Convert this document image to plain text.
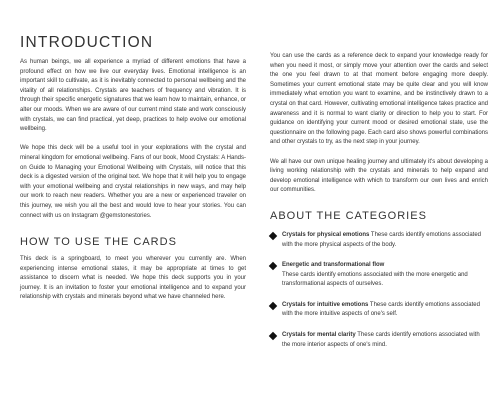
INTRODUCTION

As human beings, we all experience a myriad of different emotions that have a profound effect on how we live our everyday lives. Emotional intelligence is an important skill to cultivate, as it is inevitably connected to personal wellbeing and the vitality of all relationships. Crystals are teachers of frequency and vibration. It is through their specific energetic signatures that we learn how to maintain, enhance, or alter our moods. When we are aware of our current mind state and work consciously with crystals, we can find practical, yet deep, practices to help evolve our emotional wellbeing.

We hope this deck will be a useful tool in your explorations with the crystal and mineral kingdom for emotional wellbeing. Fans of our book, Mood Crystals: A Hands-on Guide to Managing your Emotional Wellbeing with Crystals, will notice that this deck is a digested version of the original text. We hope that it will help you to engage with your emotional wellbeing and crystal relationships in new ways, and may help our work to reach new readers. Whether you are a new or experienced traveler on this journey, we wish you all the best and would love to hear your stories. You can connect with us on Instagram @gemstonestories.

HOW TO USE THE CARDS

This deck is a springboard, to meet you wherever you currently are. When experiencing intense emotional states, it may be appropriate at times to get assistance to discern what is needed. We hope this deck supports you in your journey. It is an invitation to foster your emotional intelligence and to expand your relationship with crystals and minerals beyond what we have channeled here.

You can use the cards as a reference deck to expand your knowledge ready for when you need it most, or simply move your attention over the cards and select the one you feel drawn to at that moment before engaging more deeply. Sometimes your current emotional state may be quite clear and you will know immediately what emotion you want to examine, and be instinctively drawn to a crystal on that card. However, cultivating emotional intelligence takes practice and awareness and it is normal to want clarity or direction to help you to start. For guidance on identifying your current mood or desired emotional state, use the questionnaire on the following page. Each card also shows powerful combinations and other crystals to try, as the next step in your journey.

We all have our own unique healing journey and ultimately it's about developing a living working relationship with the crystals and minerals to help expand and develop emotional intelligence with which to transform our own lives and enrich our communities.

ABOUT THE CATEGORIES

Crystals for physical emotions These cards identify emotions associated with the more physical aspects of the body.

Energetic and transformational flow
These cards identify emotions associated with the more energetic and transformational aspects of ourselves.

Crystals for intuitive emotions These cards identify emotions associated with the more intuitive aspects of one's self.

Crystals for mental clarity These cards identify emotions associated with the more interior aspects of one's mind.
